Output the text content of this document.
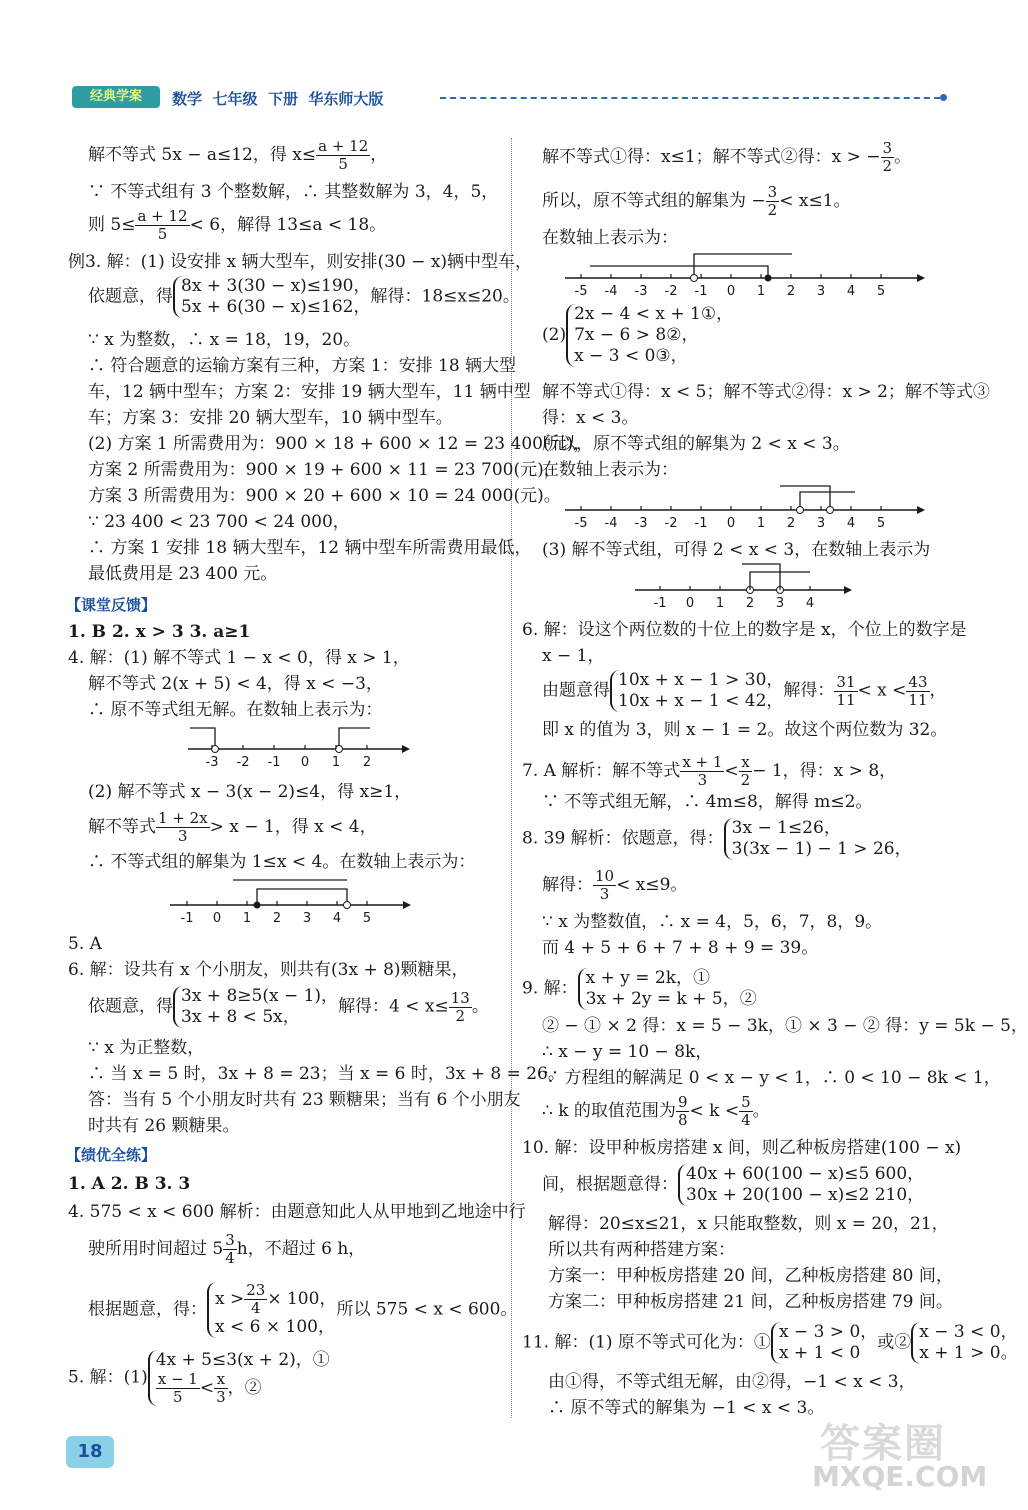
经典学案	数学 七年级 下册 华东师大版
解不等式 5x − a≤12，得 $x\le \frac{a + 12}{5}$ ，
∵ 不等式组有 3 个整数解，∴ 其整数解为 3，4，5，
则 $5\le \frac{a + 12}{5} < 6$，解得 13≤a < 18。
例3. 解：(1) 设安排 x 辆大型车，则安排(30 − x)辆中型车，
依题意，得
8x + 3(30 − x)≤190，
5x + 6(30 − x)≤162，
解得：18≤x≤20。
∵ x 为整数，∴ x = 18，19，20。
∴ 符合题意的运输方案有三种，方案 1：安排 18 辆大型
车，12 辆中型车；方案 2：安排 19 辆大型车，11 辆中型
车；方案 3：安排 20 辆大型车，10 辆中型车。
(2) 方案 1 所需费用为：900 × 18 + 600 × 12 = 23 400(元)，
方案 2 所需费用为：900 × 19 + 600 × 11 = 23 700(元)，
方案 3 所需费用为：900 × 20 + 600 × 10 = 24 000(元)。
∵ 23 400 < 23 700 < 24 000，
∴ 方案 1 安排 18 辆大型车，12 辆中型车所需费用最低，
最低费用是 23 400 元。
【课堂反馈】
1. B 2. x > 3 3. a≥1
4. 解：(1) 解不等式 1 − x < 0，得 x > 1，
解不等式 2(x + 5) < 4，得 x < −3，
∴ 原不等式组无解。在数轴上表示为：
-3 -2 -1 0 1 2
(2) 解不等式 x − 3(x − 2)≤4，得 x≥1，
解不等式 $\frac{1 + 2x}{3} > x - 1$，得 x < 4，
∴ 不等式组的解集为 1≤x < 4。在数轴上表示为：
-1 0 1 2 3 4 5
5. A
6. 解：设共有 x 个小朋友，则共有(3x + 8)颗糖果，
依题意，得
3x + 8≥5(x − 1)，
3x + 8 < 5x，
解得：$4 < x\le \frac{13}{2}$ 。
∵ x 为正整数，
∴ 当 x = 5 时，3x + 8 = 23；当 x = 6 时，3x + 8 = 26。
答：当有 5 个小朋友时共有 23 颗糖果；当有 6 个小朋友
时共有 26 颗糖果。
【绩优全练】
1. A 2. B 3. 3
4. 575 < x < 600 解析：由题意知此人从甲地到乙地途中行
驶所用时间超过 $5 \frac{3}{4}$ h，不超过 6 h，
根据题意，得：
$x > \frac{23}{4} \times 100$，
x < 6 × 100，
所以 575 < x < 600。
5. 解：(1)
4x + 5≤3(x + 2)，①
$\frac{x - 1}{5} < \frac{x}{3}$ ，②
18
解不等式①得：x≤1；解不等式②得：x > − $\frac{3}{2}$ 。
所以，原不等式组的解集为 − $\frac{3}{2} < x\le 1$。
在数轴上表示为：
-5 -4 -3 -2 -1 0 1 2 3 4 5
(2)
2x − 4 < x + 1①，
7x − 6 > 8②，
x − 3 < 0③，
解不等式①得：x < 5；解不等式②得：x > 2；解不等式③
得：x < 3。
所以，原不等式组的解集为 2 < x < 3。
在数轴上表示为：
-5 -4 -3 -2 -1 0 1 2 3 4 5
(3) 解不等式组，可得 2 < x < 3，在数轴上表示为
-1 0 1 2 3 4
6. 解：设这个两位数的十位上的数字是 x，个位上的数字是
x − 1，
由题意得
10x + x − 1 > 30，
10x + x − 1 < 42，
解得： $\frac{31}{11} < x < \frac{43}{11}$ ，
即 x 的值为 3，则 x − 1 = 2。故这个两位数为 32。
7. A 解析：解不等式 $\frac{x + 1}{3} < \frac{x}{2} - 1$，得：x > 8，
∵ 不等式组无解，∴ 4m≤8，解得 m≤2。
8. 39 解析：依题意，得：
3x − 1≤26，
3(3x − 1) − 1 > 26，
解得： $\frac{10}{3} < x\le 9$。
∵ x 为整数值，∴ x = 4，5，6，7，8，9。
而 4 + 5 + 6 + 7 + 8 + 9 = 39。
9. 解：
x + y = 2k，①
3x + 2y = k + 5，②
② − ① × 2 得：x = 5 − 3k，① × 3 − ② 得：y = 5k − 5，
∴ x − y = 10 − 8k，
∵ 方程组的解满足 0 < x − y < 1，∴ 0 < 10 − 8k < 1，
∴ k 的取值范围为 $\frac{9}{8} < k < \frac{5}{4}$ 。
10. 解：设甲种板房搭建 x 间，则乙种板房搭建(100 − x)
间，根据题意得：
40x + 60(100 − x)≤5 600，
30x + 20(100 − x)≤2 210，
解得：20≤x≤21，x 只能取整数，则 x = 20，21，
所以共有两种搭建方案：
方案一：甲种板房搭建 20 间，乙种板房搭建 80 间，
方案二：甲种板房搭建 21 间，乙种板房搭建 79 间。
11. 解：(1) 原不等式可化为：①
x − 3 > 0，
x + 1 < 0
或②
x − 3 < 0，
x + 1 > 0。
由①得，不等式组无解，由②得，−1 < x < 3，
∴ 原不等式的解集为 −1 < x < 3。
答案圈
MXQE.COM
